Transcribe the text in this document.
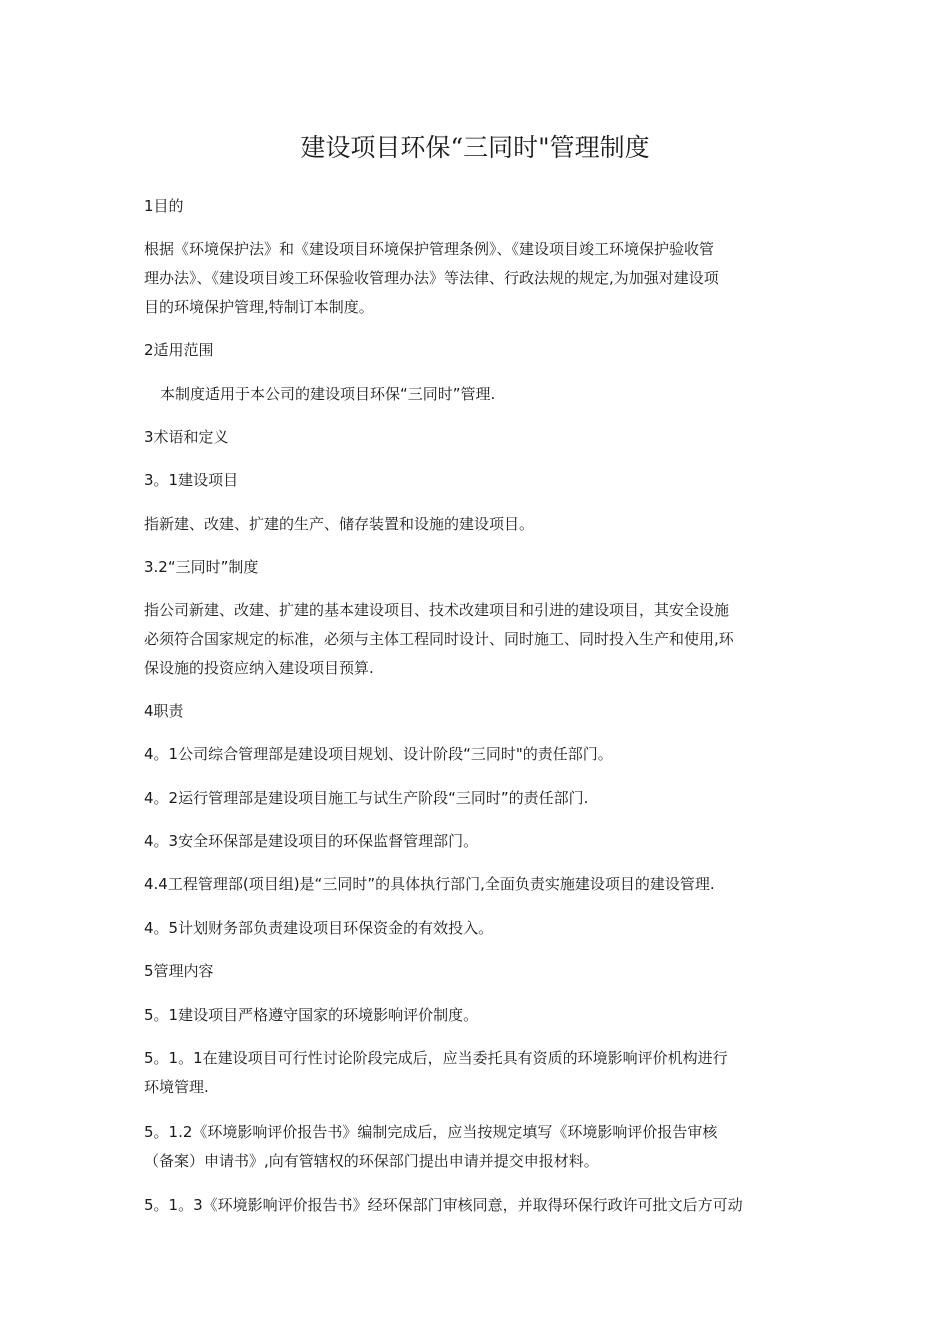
建设项目环保“三同时"管理制度
1目的
根据《环境保护法》和《建设项目环境保护管理条例》、《建设项目竣工环境保护验收管
理办法》、《建设项目竣工环保验收管理办法》等法律、行政法规的规定,为加强对建设项
目的环境保护管理,特制订本制度。
2适用范围
本制度适用于本公司的建设项目环保“三同时”管理.
3术语和定义
3。1建设项目
指新建、改建、扩建的生产、储存装置和设施的建设项目。
3.2“三同时”制度
指公司新建、改建、扩建的基本建设项目、技术改建项目和引进的建设项目，其安全设施
必须符合国家规定的标准，必须与主体工程同时设计、同时施工、同时投入生产和使用,环
保设施的投资应纳入建设项目预算.
4职责
4。1公司综合管理部是建设项目规划、设计阶段“三同时"的责任部门。
4。2运行管理部是建设项目施工与试生产阶段“三同时”的责任部门.
4。3安全环保部是建设项目的环保监督管理部门。
4.4工程管理部(项目组)是“三同时”的具体执行部门,全面负责实施建设项目的建设管理.
4。5计划财务部负责建设项目环保资金的有效投入。
5管理内容
5。1建设项目严格遵守国家的环境影响评价制度。
5。1。1在建设项目可行性讨论阶段完成后，应当委托具有资质的环境影响评价机构进行
环境管理.
5。1.2《环境影响评价报告书》编制完成后，应当按规定填写《环境影响评价报告审核
（备案）申请书》,向有管辖权的环保部门提出申请并提交申报材料。
5。1。3《环境影响评价报告书》经环保部门审核同意，并取得环保行政许可批文后方可动
